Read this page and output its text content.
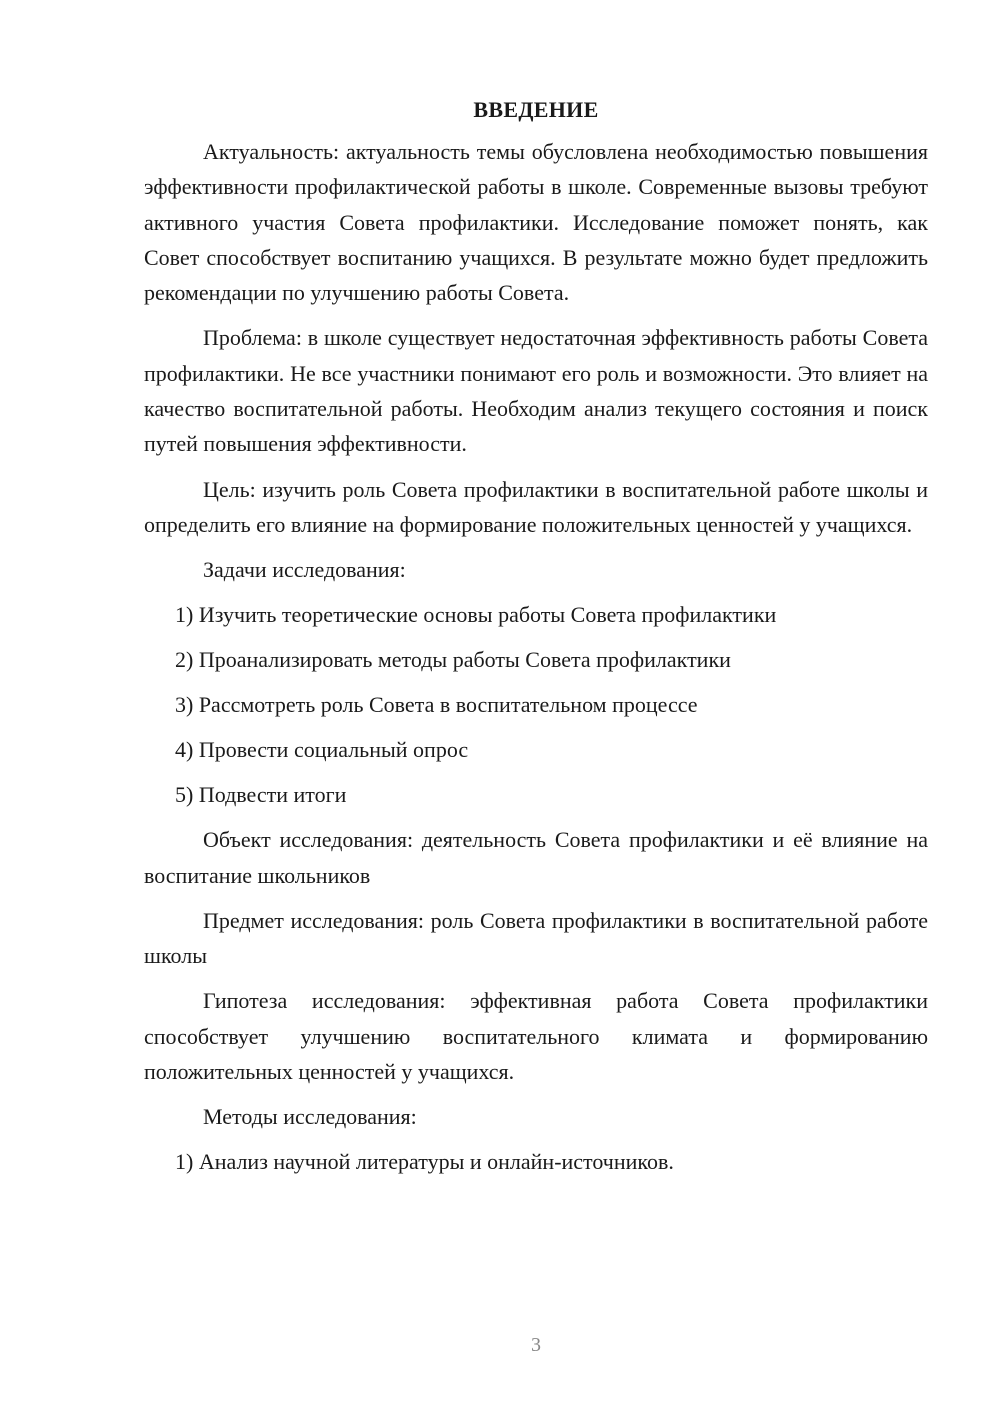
ВВЕДЕНИЕ

Актуальность: актуальность темы обусловлена необходимостью повышения эффективности профилактической работы в школе. Современные вызовы требуют активного участия Совета профилактики. Исследование поможет понять, как Совет способствует воспитанию учащихся. В результате можно будет предложить рекомендации по улучшению работы Совета.

Проблема: в школе существует недостаточная эффективность работы Совета профилактики. Не все участники понимают его роль и возможности. Это влияет на качество воспитательной работы. Необходим анализ текущего состояния и поиск путей повышения эффективности.

Цель: изучить роль Совета профилактики в воспитательной работе школы и определить его влияние на формирование положительных ценностей у учащихся.

Задачи исследования:
1) Изучить теоретические основы работы Совета профилактики
2) Проанализировать методы работы Совета профилактики
3) Рассмотреть роль Совета в воспитательном процессе
4) Провести социальный опрос
5) Подвести итоги

Объект исследования: деятельность Совета профилактики и её влияние на воспитание школьников

Предмет исследования: роль Совета профилактики в воспитательной работе школы

Гипотеза исследования: эффективная работа Совета профилактики способствует улучшению воспитательного климата и формированию положительных ценностей у учащихся.

Методы исследования:
1) Анализ научной литературы и онлайн-источников.
3
